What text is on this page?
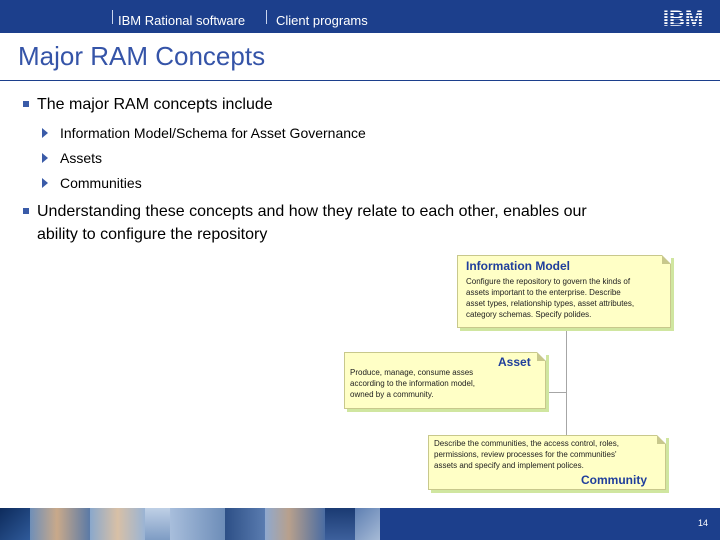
IBM Rational software Client programs
Major RAM Concepts
The major RAM concepts include
Information Model/Schema for Asset Governance
Assets
Communities
Understanding these concepts and how they relate to each other, enables our
ability to configure the repository
Information Model
Configure the repository to govern the kinds of
assets important to the enterprise. Describe
asset types, relationship types, asset attributes,
category schemas. Specify polides.
Asset
Produce, manage, consume asses
according to the information model,
owned by a community.
Describe the communities, the access control, roles,
permissions, review processes for the communities'
assets and specify and implement polices.
Community
14
